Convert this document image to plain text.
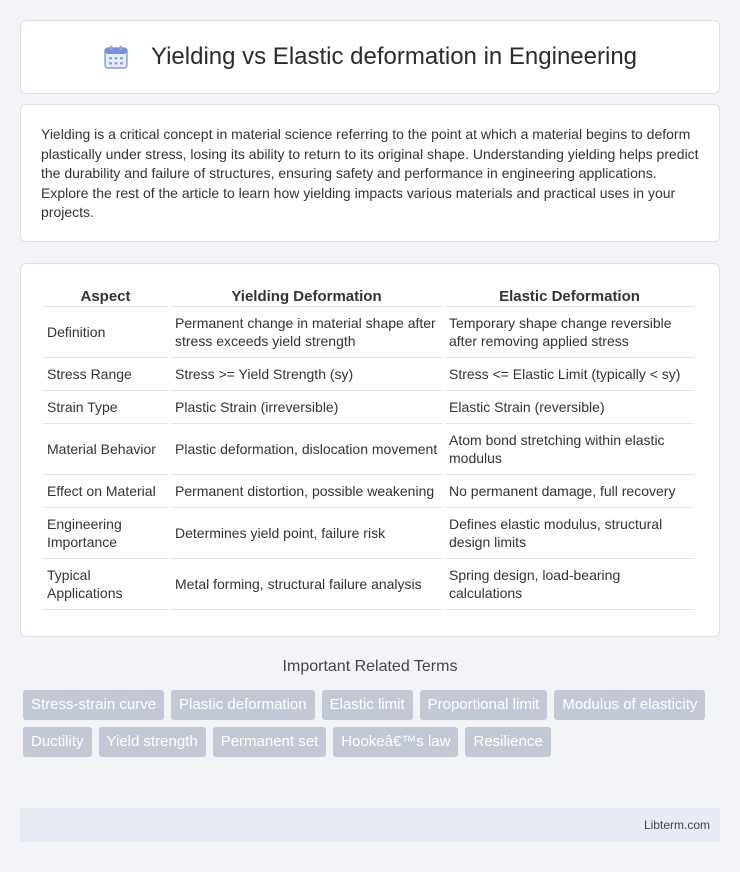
Yielding vs Elastic deformation in Engineering

Yielding is a critical concept in material science referring to the point at which a material begins to deform plastically under stress, losing its ability to return to its original shape. Understanding yielding helps predict the durability and failure of structures, ensuring safety and performance in engineering applications. Explore the rest of the article to learn how yielding impacts various materials and practical uses in your projects.

Aspect	Yielding Deformation	Elastic Deformation
Definition	Permanent change in material shape after stress exceeds yield strength	Temporary shape change reversible after removing applied stress
Stress Range	Stress >= Yield Strength (sy)	Stress <= Elastic Limit (typically < sy)
Strain Type	Plastic Strain (irreversible)	Elastic Strain (reversible)
Material Behavior	Plastic deformation, dislocation movement	Atom bond stretching within elastic modulus
Effect on Material	Permanent distortion, possible weakening	No permanent damage, full recovery
Engineering Importance	Determines yield point, failure risk	Defines elastic modulus, structural design limits
Typical Applications	Metal forming, structural failure analysis	Spring design, load-bearing calculations
Important Related Terms
Stress-strain curve	Plastic deformation	Elastic limit	Proportional limit	Modulus of elasticity
Ductility	Yield strength	Permanent set	Hookeâ€™s law	Resilience
Libterm.com
